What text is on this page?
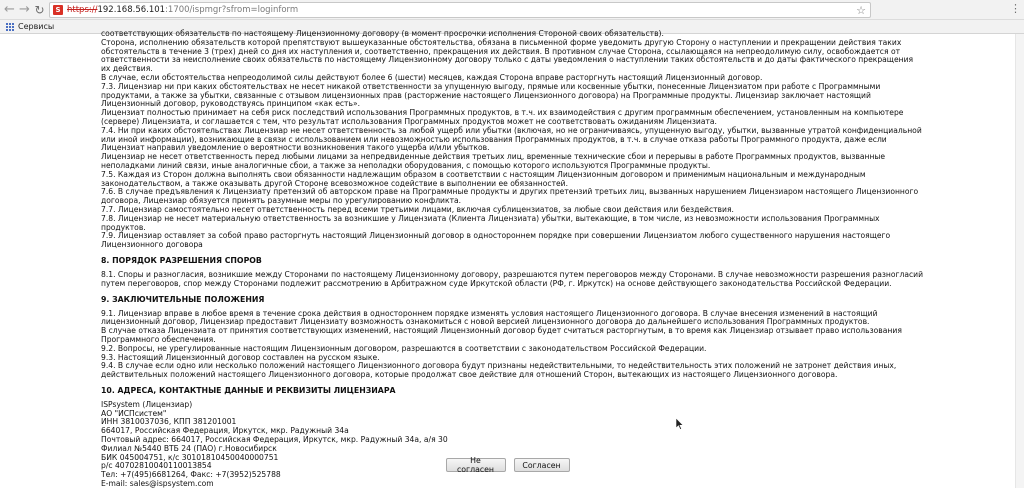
← → ↻	S https:// 192.168.56.101 :1700/ispmgr?sfrom=loginform	☆	⋮
Сервисы

соответствующих обязательств по настоящему Лицензионному договору (в момент просрочки исполнения Стороной своих обязательств).

Сторона, исполнению обязательств которой препятствуют вышеуказанные обстоятельства, обязана в письменной форме уведомить другую Сторону о наступлении и прекращении действия таких обстоятельств в течение 3 (трех) дней со дня их наступления и, соответственно, прекращения их действия. В противном случае Сторона, ссылающаяся на непреодолимую силу, освобождается от ответственности за неисполнение своих обязательств по настоящему Лицензионному договору только с даты уведомления о наступлении таких обстоятельств и до даты фактического прекращения их действия.

В случае, если обстоятельства непреодолимой силы действуют более 6 (шести) месяцев, каждая Сторона вправе расторгнуть настоящий Лицензионный договор.

7.3. Лицензиар ни при каких обстоятельствах не несет никакой ответственности за упущенную выгоду, прямые или косвенные убытки, понесенные Лицензиатом при работе с Программными продуктами, а также за убытки, связанные с отзывом лицензионных прав (расторжение настоящего Лицензионного договора) на Программные продукты. Лицензиар заключает настоящий Лицензионный договор, руководствуясь принципом «как есть».

Лицензиат полностью принимает на себя риск последствий использования Программных продуктов, в т.ч. их взаимодействия с другим программным обеспечением, установленным на компьютере (сервере) Лицензиата, и соглашается с тем, что результат использования Программных продуктов может не соответствовать ожиданиям Лицензиата.

7.4. Ни при каких обстоятельствах Лицензиар не несет ответственность за любой ущерб или убытки (включая, но не ограничиваясь, упущенную выгоду, убытки, вызванные утратой конфиденциальной или иной информации), возникающие в связи с использованием или невозможностью использования Программных продуктов, в т.ч. в случае отказа работы Программного продукта, даже если Лицензиат направил уведомление о вероятности возникновения такого ущерба и/или убытков.

Лицензиар не несет ответственность перед любыми лицами за непредвиденные действия третьих лиц, временные технические сбои и перерывы в работе Программных продуктов, вызванные неполадками линий связи, иные аналогичные сбои, а также за неполадки оборудования, с помощью которого используются Программные продукты.

7.5. Каждая из Сторон должна выполнять свои обязанности надлежащим образом в соответствии с настоящим Лицензионным договором и применимым национальным и международным законодательством, а также оказывать другой Стороне всевозможное содействие в выполнении ее обязанностей.

7.6. В случае предъявления к Лицензиату претензий об авторском праве на Программные продукты и других претензий третьих лиц, вызванных нарушением Лицензиаром настоящего Лицензионного договора, Лицензиар обязуется принять разумные меры по урегулированию конфликта.

7.7. Лицензиар самостоятельно несет ответственность перед всеми третьими лицами, включая сублицензиатов, за любые свои действия или бездействия.

7.8. Лицензиар не несет материальную ответственность за возникшие у Лицензиата (Клиента Лицензиата) убытки, вытекающие, в том числе, из невозможности использования Программных продуктов.

7.9. Лицензиар оставляет за собой право расторгнуть настоящий Лицензионный договор в одностороннем порядке при совершении Лицензиатом любого существенного нарушения настоящего Лицензионного договора

8. ПОРЯДОК РАЗРЕШЕНИЯ СПОРОВ

8.1. Споры и разногласия, возникшие между Сторонами по настоящему Лицензионному договору, разрешаются путем переговоров между Сторонами. В случае невозможности разрешения разногласий путем переговоров, спор между Сторонами подлежит рассмотрению в Арбитражном суде Иркутской области (РФ, г. Иркутск) на основе действующего законодательства Российской Федерации.

9. ЗАКЛЮЧИТЕЛЬНЫЕ ПОЛОЖЕНИЯ

9.1. Лицензиар вправе в любое время в течение срока действия в одностороннем порядке изменять условия настоящего Лицензионного договора. В случае внесения изменений в настоящий лицензионный договор, Лицензиар предоставит Лицензиату возможность ознакомиться с новой версией лицензионного договора до дальнейшего использования Программных продуктов.

В случае отказа Лицензиата от принятия соответствующих изменений, настоящий Лицензионный договор будет считаться расторгнутым, в то время как Лицензиар отзывает право использования Программного обеспечения.

9.2. Вопросы, не урегулированные настоящим Лицензионным договором, разрешаются в соответствии с законодательством Российской Федерации.

9.3. Настоящий Лицензионный договор составлен на русском языке.

9.4. В случае если одно или несколько положений настоящего Лицензионного договора будут признаны недействительными, то недействительность этих положений не затронет действия иных, действительных положений настоящего Лицензионного договора, которые продолжат свое действие для отношений Сторон, вытекающих из настоящего Лицензионного договора.

10. АДРЕСА, КОНТАКТНЫЕ ДАННЫЕ И РЕКВИЗИТЫ ЛИЦЕНЗИАРА

ISPsystem (Лицензиар)

АО "ИСПсистем"

ИНН 3810037036, КПП 381201001

664017, Российская Федерация, Иркутск, мкр. Радужный 34а

Почтовый адрес: 664017, Российская Федерация, Иркутск, мкр. Радужный 34а, а/я 30

Филиал №5440 ВТБ 24 (ПАО) г.Новосибирск

БИК 045004751, к/с 30101810450040000751

р/с 40702810040110013854

Тел: +7(495)6681264, Факс: +7(3952)525788

E-mail: sales@ispsystem.com

Не согласен	Согласен
